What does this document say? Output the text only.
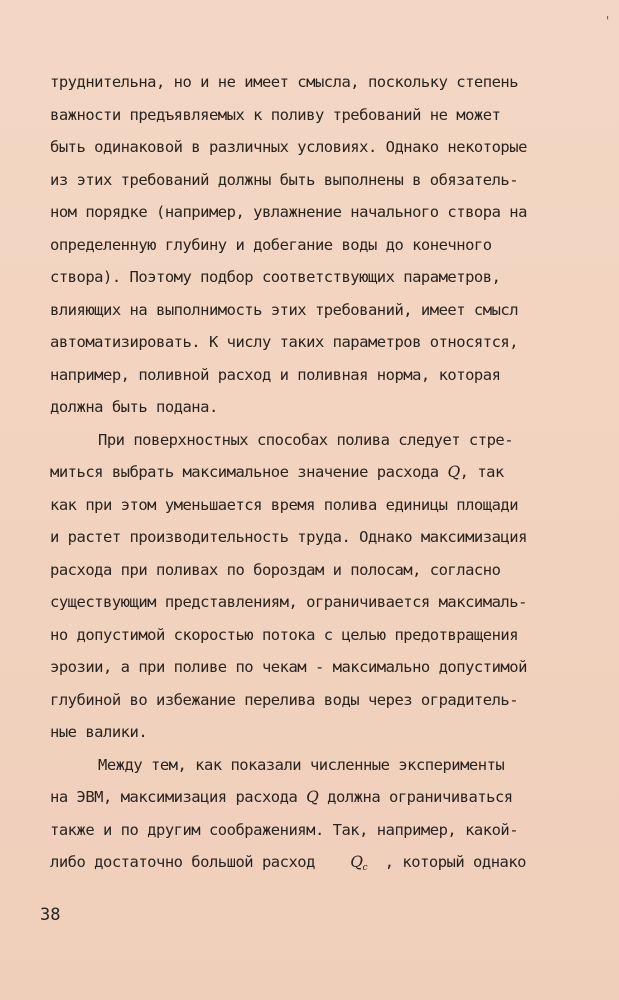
'
труднительна, но и не имеет смысла, поскольку степень
важности предъявляемых к поливу требований не может
быть одинаковой в различных условиях. Однако некоторые
из этих требований должны быть выполнены в обязатель-
ном порядке (например, увлажнение начального створа на
определенную глубину и добегание воды до конечного
створа). Поэтому подбор соответствующих параметров,
влияющих на выполнимость этих требований, имеет смысл
автоматизировать. К числу таких параметров относятся,
например, поливной расход и поливная норма, которая
должна быть подана.
При поверхностных способах полива следует стре-
миться выбрать максимальное значение расхода Q, так
как при этом уменьшается время полива единицы площади
и растет производительность труда. Однако максимизация
расхода при поливах по бороздам и полосам, согласно
существующим представлениям, ограничивается максималь-
но допустимой скоростью потока с целью предотвращения
эрозии, а при поливе по чекам - максимально допустимой
глубиной во избежание перелива воды через оградитель-
ные валики.
Между тем, как показали численные эксперименты
на ЭВМ, максимизация расхода Q должна ограничиваться
также и по другим соображениям. Так, например, какой-
либо достаточно большой расход    $Q_c$  , который однако
38
